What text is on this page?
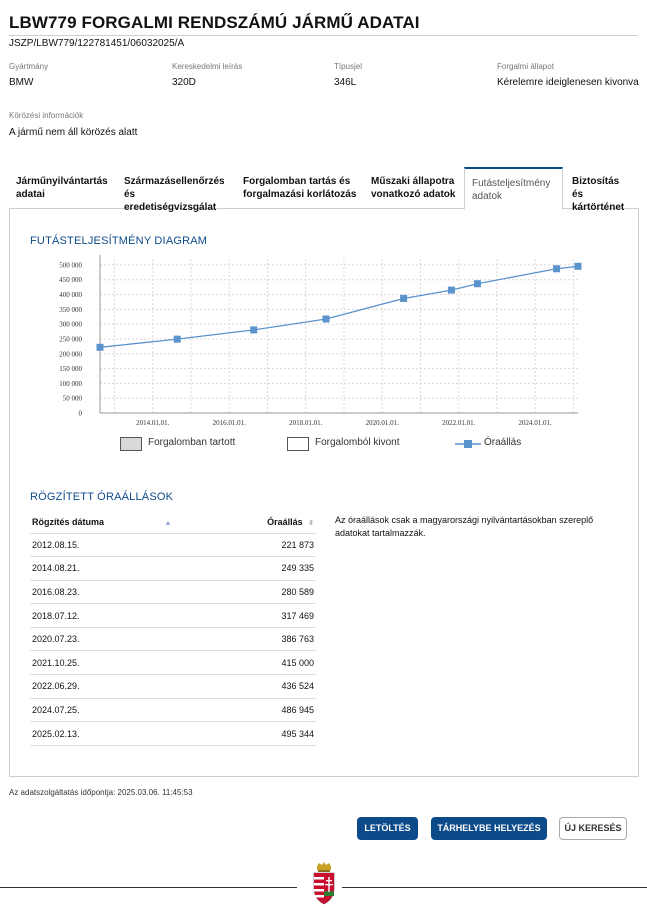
LBW779 FORGALMI RENDSZÁMÚ JÁRMŰ ADATAI
JSZP/LBW779/122781451/06032025/A
Gyártmány
BMW
Kereskedelmi leírás
320D
Típusjel
346L
Forgalmi állapot
Kérelemre ideiglenesen kivonva
Körözési információk
A jármű nem áll körözés alatt
Járműnyilvántartás
adatai
Származásellenőrzés
és eredetiségvizsgálat
Forgalomban tartás és
forgalmazási korlátozás
Műszaki állapotra
vonatkozó adatok
Futásteljesítmény
adatok
Biztosítás és
kártörténet
FUTÁSTELJESÍTMÉNY DIAGRAM
0
50 000
100 000
150 000
200 000
250 000
300 000
350 000
400 000
450 000
500 000
2014.01.01.	2016.01.01.	2018.01.01.	2020.01.01.	2022.01.01.	2024.01.01.
Forgalomban tartott	Forgalomból kivont	Óraállás
RÖGZÍTETT ÓRAÁLLÁSOK
Rögzítés dátuma ▲	Óraállás ⬍
2012.08.15.	221 873
2014.08.21.	249 335
2016.08.23.	280 589
2018.07.12.	317 469
2020.07.23.	386 763
2021.10.25.	415 000
2022.06.29.	436 524
2024.07.25.	486 945
2025.02.13.	495 344
Az óraállások csak a magyarországi nyilvántartásokban szereplő adatokat tartalmazzák.
Az adatszolgáltatás időpontja: 2025.03.06. 11:45:53
LETÖLTÉS	TÁRHELYBE HELYEZÉS	ÚJ KERESÉS
